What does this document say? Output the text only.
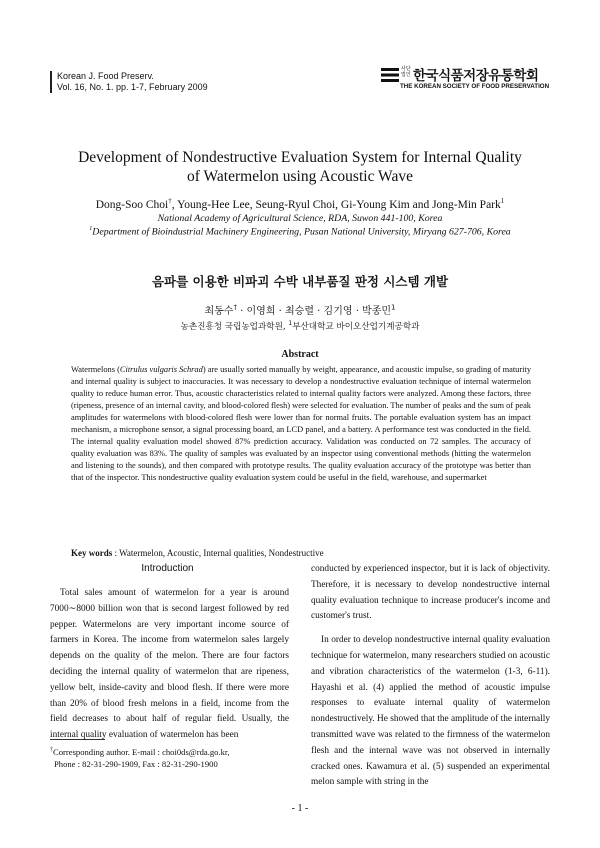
Korean J. Food Preserv.
Vol. 16, No. 1. pp. 1-7, February 2009
사단
법인 한국식품저장유통학회
THE KOREAN SOCIETY OF FOOD PRESERVATION
Development of Nondestructive Evaluation System for Internal Quality
of Watermelon using Acoustic Wave
Dong-Soo Choi†, Young-Hee Lee, Seung-Ryul Choi, Gi-Young Kim and Jong-Min Park$^1$
National Academy of Agricultural Science, RDA, Suwon 441-100, Korea
$^1$Department of Bioindustrial Machinery Engineering, Pusan National University, Miryang 627-706, Korea
음파를 이용한 비파괴 수박 내부품질 판정 시스템 개발
최동수† · 이영희 · 최승렬 · 김기영 · 박종민$^1$
농촌진흥청 국립농업과학원, $^1$부산대학교 바이오산업기계공학과
Abstract
Watermelons (Citrulus vulgaris Schrad) are usually sorted manually by weight, appearance, and acoustic impulse, so grading of maturity and internal quality is subject to inaccuracies. It was necessary to develop a nondestructive evaluation technique of internal watermelon quality to reduce human error. Thus, acoustic characteristics related to internal quality factors were analyzed. Among these factors, three (ripeness, presence of an internal cavity, and blood-colored flesh) were selected for evaluation. The number of peaks and the sum of peak amplitudes for watermelons with blood-colored flesh were lower than for normal fruits. The portable evaluation system has an impact mechanism, a microphone sensor, a signal processing board, an LCD panel, and a battery. A performance test was conducted in the field. The internal quality evaluation model showed 87% prediction accuracy. Validation was conducted on 72 samples. The accuracy of quality evaluation was 83%. The quality of samples was evaluated by an inspector using conventional methods (hitting the watermelon and listening to the sounds), and then compared with prototype results. The quality evaluation accuracy of the prototype was better than that of the inspector. This nondestructive quality evaluation system could be useful in the field, warehouse, and supermarket
Key words : Watermelon, Acoustic, Internal qualities, Nondestructive
Introduction

Total sales amount of watermelon for a year is around 7000∼8000 billion won that is second largest followed by red pepper. Watermelons are very important income source of farmers in Korea. The income from watermelon sales largely depends on the quality of the melon. There are four factors deciding the internal quality of watermelon that are ripeness, yellow belt, inside-cavity and blood flesh. If there were more than 20% of blood fresh melons in a field, income from the field decreases to about half of regular field. Usually, the internal quality evaluation of watermelon has been

conducted by experienced inspector, but it is lack of objectivity. Therefore, it is necessary to develop nondestructive internal quality evaluation technique to increase producer's income and customer's trust.

In order to develop nondestructive internal quality evaluation technique for watermelon, many researchers studied on acoustic and vibration characteristics of the watermelon (1-3, 6-11). Hayashi et al. (4) applied the method of acoustic impulse responses to evaluate internal quality of watermelon nondestructively. He showed that the amplitude of the internally transmitted wave was related to the firmness of the watermelon flesh and the internal wave was not observed in internally cracked ones. Kawamura et al. (5) suspended an experimental melon sample with string in the

†Corresponding author. E-mail : choi0ds@rda.go.kr,
Phone : 82-31-290-1909, Fax : 82-31-290-1900
- 1 -
